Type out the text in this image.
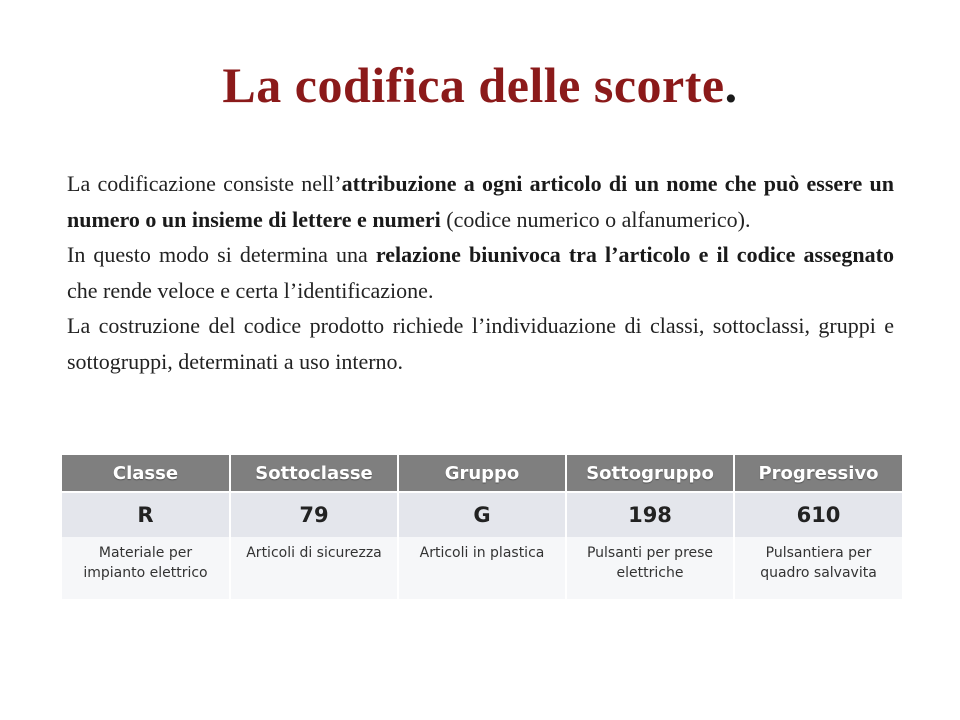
La codifica delle scorte.

La codificazione consiste nell’attribuzione a ogni articolo di un nome che può essere un numero o un insieme di lettere e numeri (codice numerico o alfanumerico).

In questo modo si determina una relazione biunivoca tra l’articolo e il codice assegnato che rende veloce e certa l’identificazione.

La costruzione del codice prodotto richiede l’individuazione di classi, sottoclassi, gruppi e sottogruppi, determinati a uso interno.

Classe	Sottoclasse	Gruppo	Sottogruppo	Progressivo
R	79	G	198	610
Materiale per impianto elettrico	Articoli di sicurezza	Articoli in plastica	Pulsanti per prese elettriche	Pulsantiera per quadro salvavita
